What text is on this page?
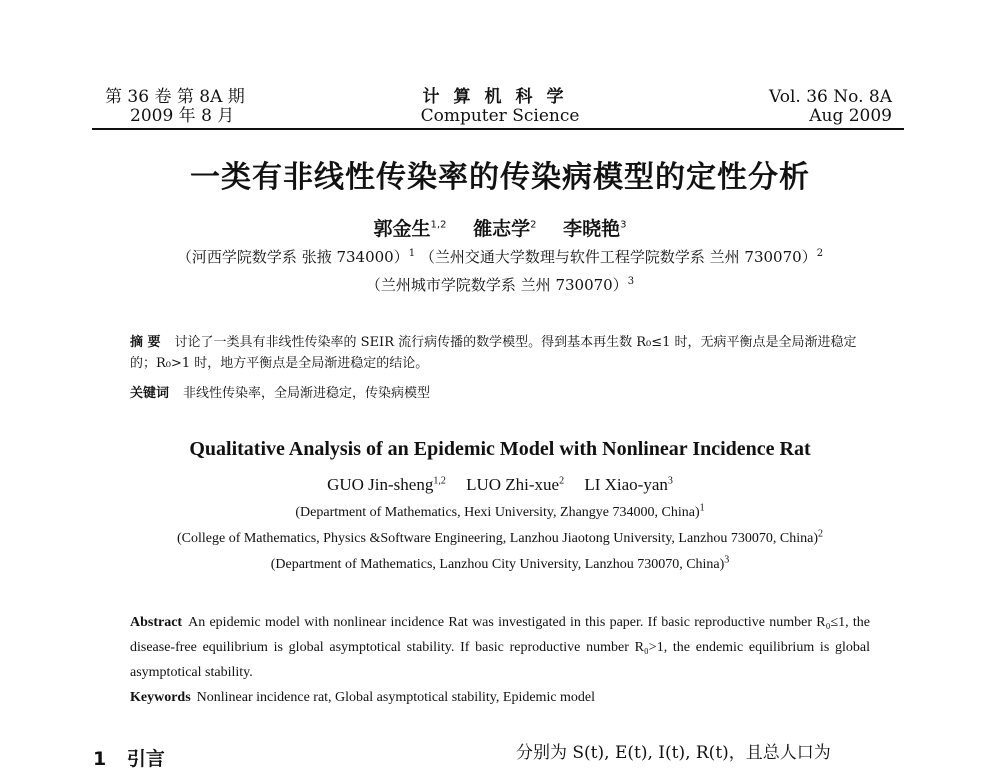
第 36 卷 第 8A 期
2009 年 8 月
计算机科学
Computer Science
Vol. 36 No. 8A
Aug 2009
一类有非线性传染率的传染病模型的定性分析
郭金生$^{1,2}$ 雒志学$^2$ 李晓艳$^3$
（河西学院数学系 张掖 734000）$^1$ （兰州交通大学数理与软件工程学院数学系 兰州 730070）$^2$
（兰州城市学院数学系 兰州 730070）$^3$
摘 要 讨论了一类具有非线性传染率的 SEIR 流行病传播的数学模型。得到基本再生数 R₀≤1 时，无病平衡点是全局渐进稳定的；R₀>1 时，地方平衡点是全局渐进稳定的结论。
关键词 非线性传染率，全局渐进稳定，传染病模型
Qualitative Analysis of an Epidemic Model with Nonlinear Incidence Rat
GUO Jin-sheng$^{1,2}$ LUO Zhi-xue$^2$ LI Xiao-yan$^3$
(Department of Mathematics, Hexi University, Zhangye 734000, China)$^1$
(College of Mathematics, Physics &Software Engineering, Lanzhou Jiaotong University, Lanzhou 730070, China)$^2$
(Department of Mathematics, Lanzhou City University, Lanzhou 730070, China)$^3$
Abstract An epidemic model with nonlinear incidence Rat was investigated in this paper. If basic reproductive number R₀≤1, the disease-free equilibrium is global asymptotical stability. If basic reproductive number R₀>1, the endemic equilibrium is global asymptotical stability.
Keywords Nonlinear incidence rat, Global asymptotical stability, Epidemic model
1 引言	分别为 S(t), E(t), I(t), R(t)，且总人口为
